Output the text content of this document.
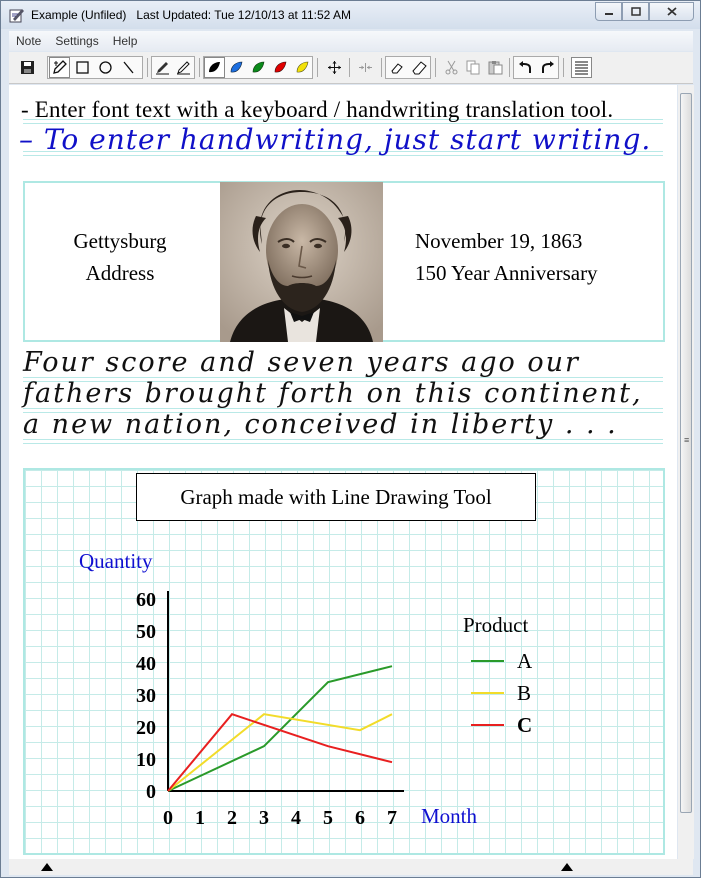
Example (Unfiled) Last Updated: Tue 12/10/13 at 11:52 AM
Note	Settings	Help
- Enter font text with a keyboard / handwriting translation tool.
– To enter handwriting, just start writing.
Gettysburg
Address
November 19, 1863
150 Year Anniversary
Four score and seven years ago our
fathers brought forth on this continent,
a new nation, conceived in liberty . . .
Graph made with Line Drawing Tool
0
10
20
30
40
50
60
0 1 2 3 4 5 6 7
Quantity
Month
Product
A
B
C
≡
